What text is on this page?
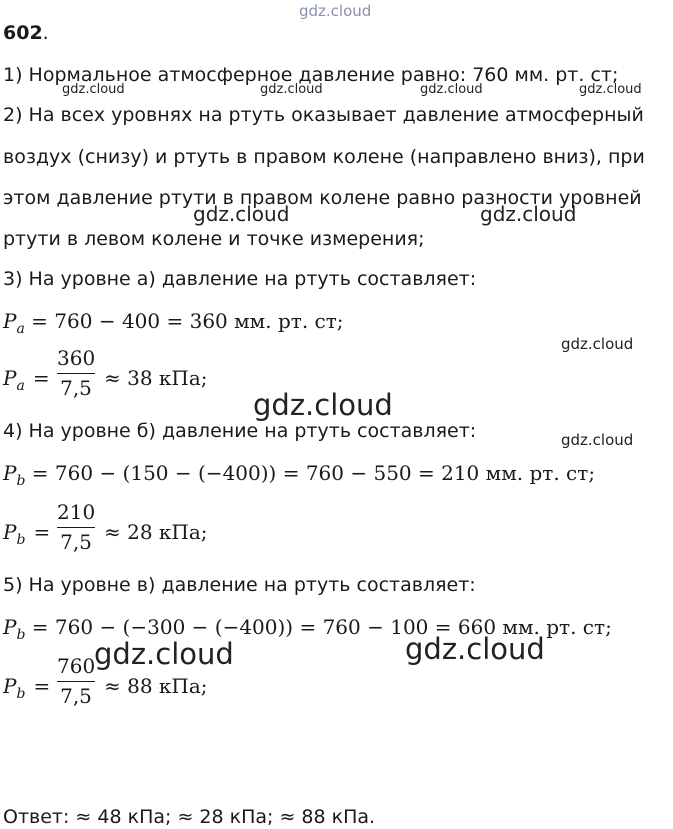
gdz.cloud
602.
1) Нормальное атмосферное давление равно: 760 мм. рт. ст;
gdz.cloud	gdz.cloud	gdz.cloud	gdz.cloud
2) На всех уровнях на ртуть оказывает давление атмосферный
воздух (снизу) и ртуть в правом колене (направлено вниз), при
этом давление ртути в правом колене равно разности уровней
gdz.cloud	gdz.cloud
ртути в левом колене и точке измерения;
3) На уровне а) давление на ртуть составляет:
$P_a = 760 - 400 = 360$ мм. рт. ст;
gdz.cloud
$P_a$ =
360
7,5 ≈ 38 кПа;
gdz.cloud
4) На уровне б) давление на ртуть составляет:	gdz.cloud
$P_b = 760 - (150 - (-400)) = 760 - 550 = 210$ мм. рт. ст;
$P_b$ =
210
7,5 ≈ 28 кПа;
5) На уровне в) давление на ртуть составляет:
$P_b = 760 - (-300 - (-400)) = 760 - 100 = 660$ мм. рт. ст;
gdz.cloud	gdz.cloud
$P_b$ =
760
7,5 ≈ 88 кПа;
Ответ: ≈ 48 кПа; ≈ 28 кПа; ≈ 88 кПа.
